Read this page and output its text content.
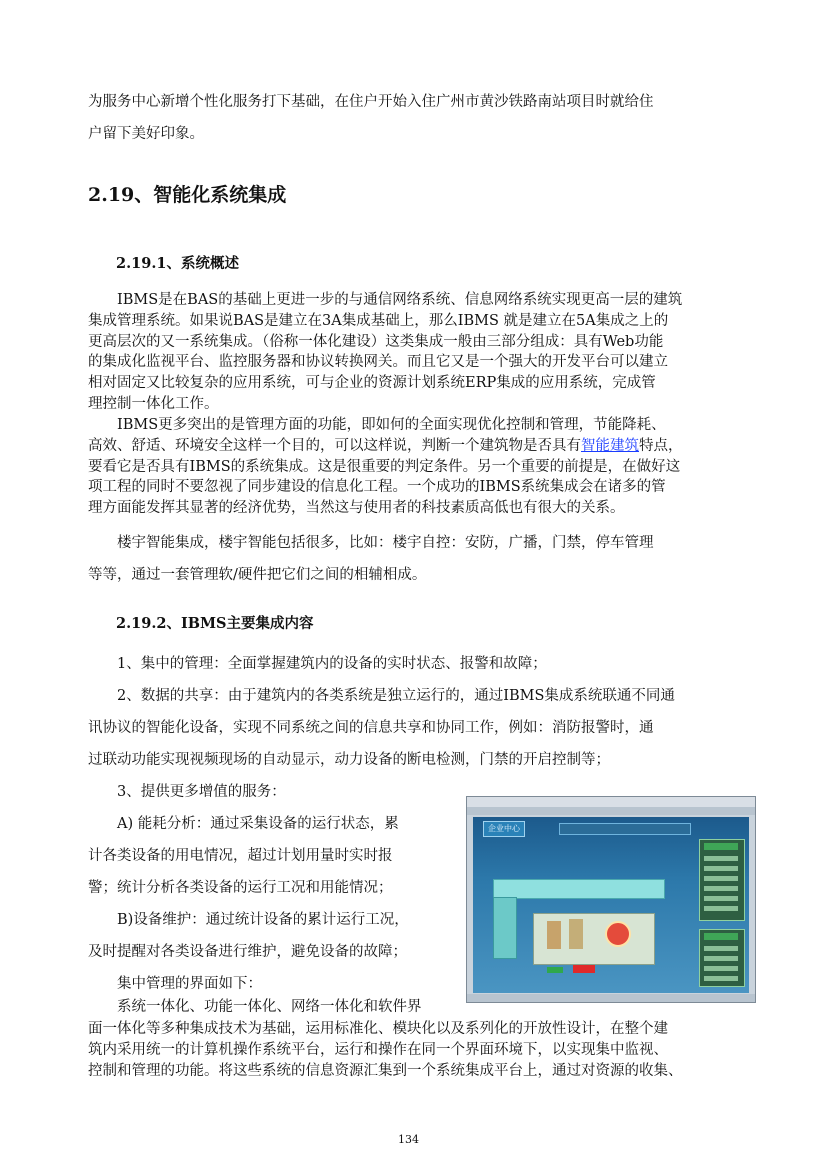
为服务中心新增个性化服务打下基础，在住户开始入住广州市黄沙铁路南站项目时就给住
户留下美好印象。
2.19、智能化系统集成
2.19.1、系统概述
IBMS是在BAS的基础上更进一步的与通信网络系统、信息网络系统实现更高一层的建筑
集成管理系统。如果说BAS是建立在3A集成基础上，那么IBMS 就是建立在5A集成之上的
更高层次的又一系统集成。（俗称一体化建设）这类集成一般由三部分组成：具有Web功能
的集成化监视平台、监控服务器和协议转换网关。而且它又是一个强大的开发平台可以建立
相对固定又比较复杂的应用系统，可与企业的资源计划系统ERP集成的应用系统，完成管
理控制一体化工作。
IBMS更多突出的是管理方面的功能，即如何的全面实现优化控制和管理，节能降耗、
高效、舒适、环境安全这样一个目的，可以这样说，判断一个建筑物是否具有智能建筑特点，
要看它是否具有IBMS的系统集成。这是很重要的判定条件。另一个重要的前提是，在做好这
项工程的同时不要忽视了同步建设的信息化工程。一个成功的IBMS系统集成会在诸多的管
理方面能发挥其显著的经济优势，当然这与使用者的科技素质高低也有很大的关系。
楼宇智能集成，楼宇智能包括很多，比如：楼宇自控：安防，广播，门禁，停车管理
等等，通过一套管理软/硬件把它们之间的相辅相成。
2.19.2、IBMS主要集成内容
1、集中的管理：全面掌握建筑内的设备的实时状态、报警和故障；
2、数据的共享：由于建筑内的各类系统是独立运行的，通过IBMS集成系统联通不同通
讯协议的智能化设备，实现不同系统之间的信息共享和协同工作，例如：消防报警时，通
过联动功能实现视频现场的自动显示，动力设备的断电检测，门禁的开启控制等；
3、提供更多增值的服务：
A) 能耗分析：通过采集设备的运行状态，累
计各类设备的用电情况，超过计划用量时实时报
警；统计分析各类设备的运行工况和用能情况；
B)设备维护：通过统计设备的累计运行工况，
及时提醒对各类设备进行维护，避免设备的故障；
集中管理的界面如下：
企业中心
系统一体化、功能一体化、网络一体化和软件界
面一体化等多种集成技术为基础，运用标准化、模块化以及系列化的开放性设计，在整个建
筑内采用统一的计算机操作系统平台，运行和操作在同一个界面环境下，以实现集中监视、
控制和管理的功能。将这些系统的信息资源汇集到一个系统集成平台上，通过对资源的收集、
134
